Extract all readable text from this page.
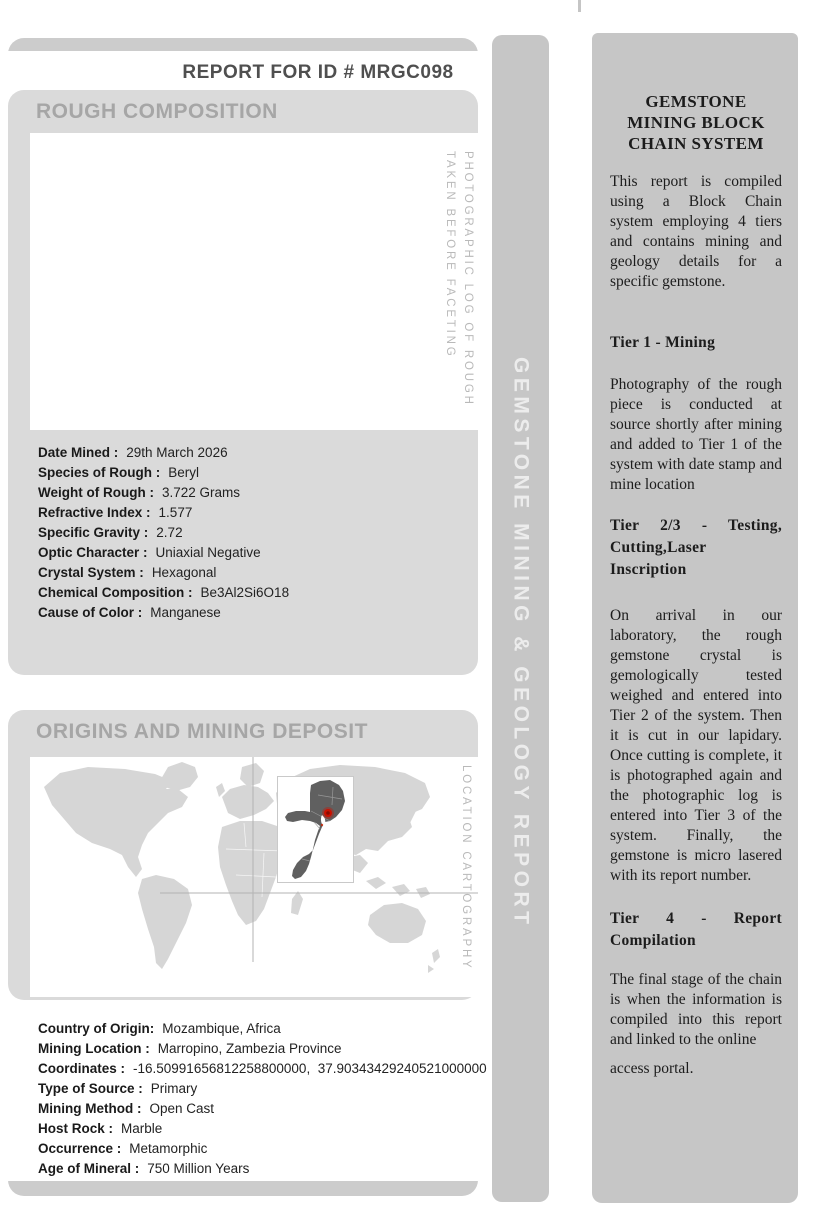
REPORT FOR ID # MRGC098
ROUGH COMPOSITION
PHOTOGRAPHIC LOG OF ROUGH
TAKEN BEFORE FACETING
Date Mined : 29th March 2026
Species of Rough : Beryl
Weight of Rough : 3.722 Grams
Refractive Index : 1.577
Specific Gravity : 2.72
Optic Character : Uniaxial Negative
Crystal System : Hexagonal
Chemical Composition : Be3Al2Si6O18
Cause of Color : Manganese
ORIGINS AND MINING DEPOSIT
LOCATION CARTOGRAPHY
Country of Origin: Mozambique, Africa
Mining Location : Marropino, Zambezia Province
Coordinates : -16.50991656812258800000,  37.90343429240521000000
Type of Source : Primary
Mining Method : Open Cast
Host Rock : Marble
Occurrence : Metamorphic
Age of Mineral : 750 Million Years
GEMSTONE MINING & GEOLOGY REPORT
GEMSTONE MINING BLOCK CHAIN SYSTEM

This report is compiled using a Block Chain system employing 4 tiers and contains mining and geology details for a specific gemstone.

Tier 1 - Mining

Photography of the rough piece is conducted at source shortly after mining and added to Tier 1 of the system with date stamp and mine location

Tier 2/3 - Testing, Cutting,Laser Inscription

On arrival in our laboratory, the rough gemstone crystal is gemologically tested weighed and entered into Tier 2 of the system. Then it is cut in our lapidary. Once cutting is complete, it is photographed again and the photographic log is entered into Tier 3 of the system. Finally, the gemstone is micro lasered with its report number.

Tier 4 - Report Compilation

The final stage of the chain is when the information is compiled into this report and linked to the online

access portal.
